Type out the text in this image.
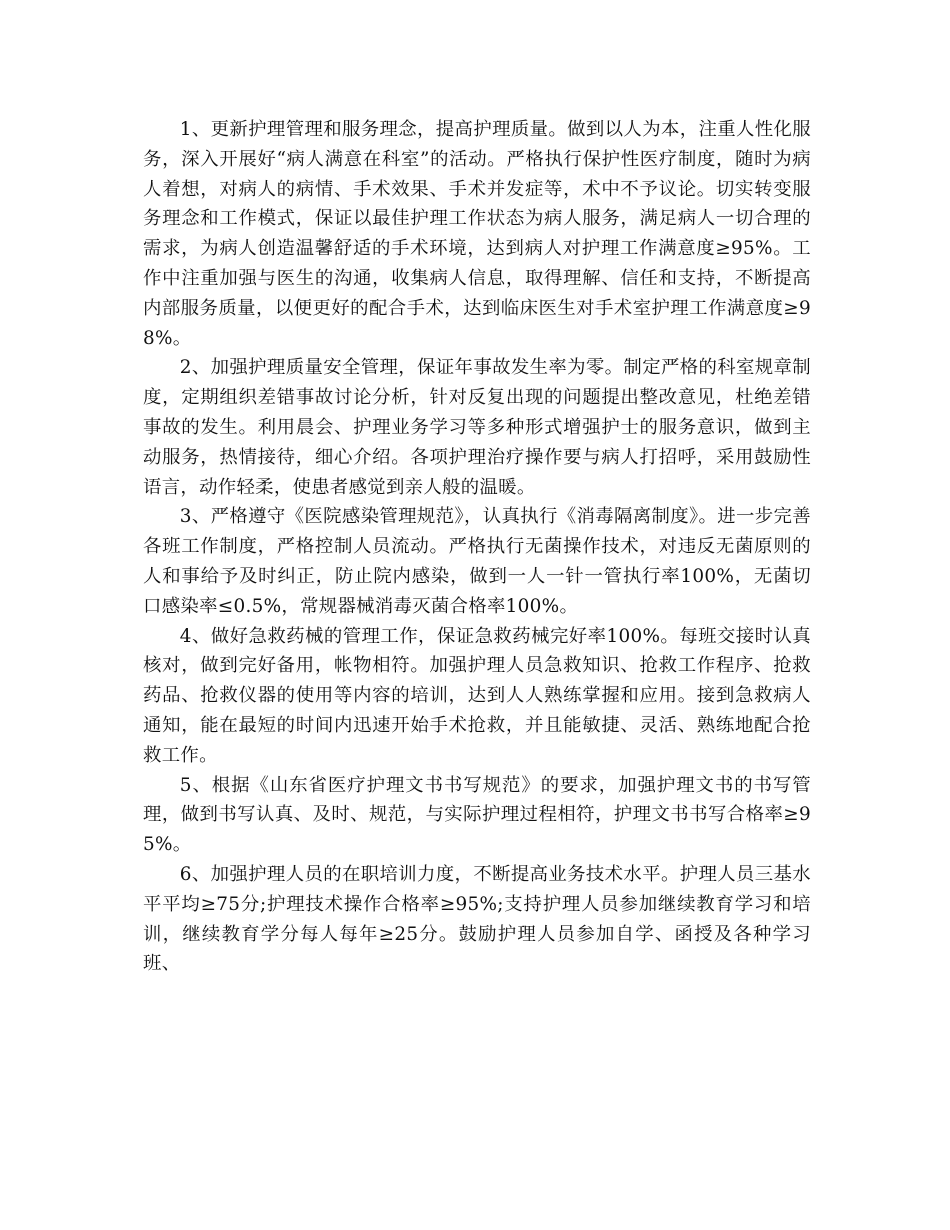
1、更新护理管理和服务理念，提高护理质量。做到以人为本，注重人性化服务，深入开展好“病人满意在科室”的活动。严格执行保护性医疗制度，随时为病人着想，对病人的病情、手术效果、手术并发症等，术中不予议论。切实转变服务理念和工作模式，保证以最佳护理工作状态为病人服务，满足病人一切合理的需求，为病人创造温馨舒适的手术环境，达到病人对护理工作满意度≥95%。工作中注重加强与医生的沟通，收集病人信息，取得理解、信任和支持，不断提高内部服务质量，以便更好的配合手术，达到临床医生对手术室护理工作满意度≥98%。

2、加强护理质量安全管理，保证年事故发生率为零。制定严格的科室规章制度，定期组织差错事故讨论分析，针对反复出现的问题提出整改意见，杜绝差错事故的发生。利用晨会、护理业务学习等多种形式增强护士的服务意识，做到主动服务，热情接待，细心介绍。各项护理治疗操作要与病人打招呼，采用鼓励性语言，动作轻柔，使患者感觉到亲人般的温暖。

3、严格遵守《医院感染管理规范》，认真执行《消毒隔离制度》。进一步完善各班工作制度，严格控制人员流动。严格执行无菌操作技术，对违反无菌原则的人和事给予及时纠正，防止院内感染，做到一人一针一管执行率100%，无菌切口感染率≤0.5%，常规器械消毒灭菌合格率100%。

4、做好急救药械的管理工作，保证急救药械完好率100%。每班交接时认真核对，做到完好备用，帐物相符。加强护理人员急救知识、抢救工作程序、抢救药品、抢救仪器的使用等内容的培训，达到人人熟练掌握和应用。接到急救病人通知，能在最短的时间内迅速开始手术抢救，并且能敏捷、灵活、熟练地配合抢救工作。

5、根据《山东省医疗护理文书书写规范》的要求，加强护理文书的书写管理，做到书写认真、及时、规范，与实际护理过程相符，护理文书书写合格率≥95%。

6、加强护理人员的在职培训力度，不断提高业务技术水平。护理人员三基水平平均≥75分;护理技术操作合格率≥95%;支持护理人员参加继续教育学习和培训，继续教育学分每人每年≥25分。鼓励护理人员参加自学、函授及各种学习班、
